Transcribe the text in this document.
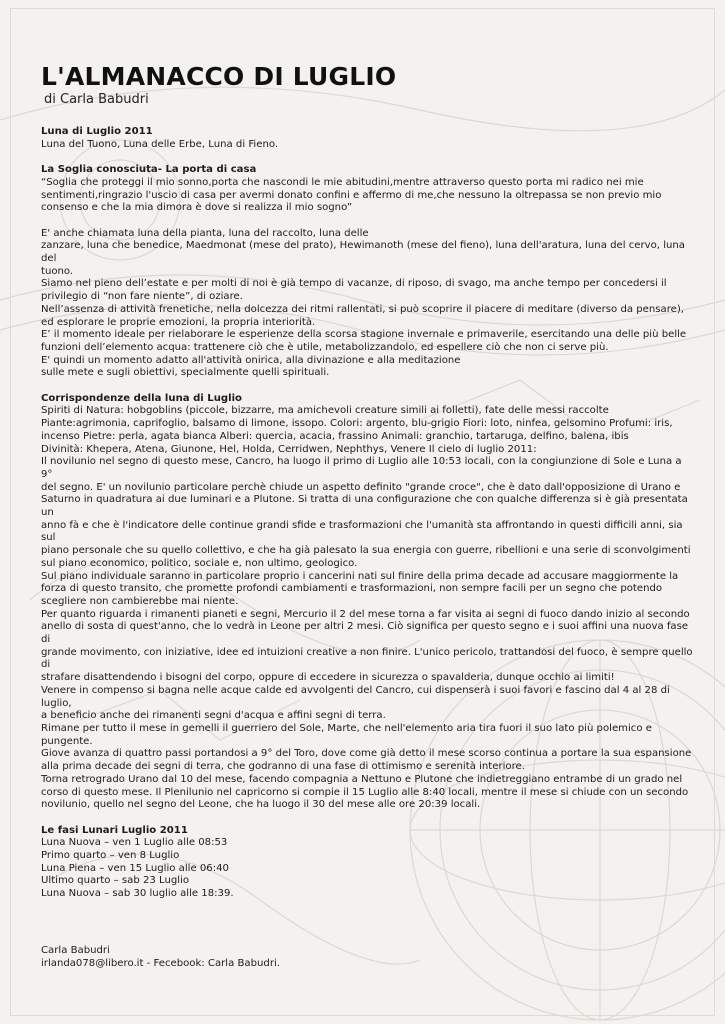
L'ALMANACCO DI LUGLIO
di Carla Babudri

Luna di Luglio 2011

Luna del Tuono, Luna delle Erbe, Luna di Fieno.

La Soglia conosciuta- La porta di casa

“Soglia che proteggi il mio sonno,porta che nascondi le mie abitudini,mentre attraverso questo porta mi radico nei mie

sentimenti,ringrazio l'uscio di casa per avermi donato confini e affermo di me,che nessuno la oltrepassa se non previo mio

consenso e che la mia dimora è dove si realizza il mio sogno”

E' anche chiamata luna della pianta, luna del raccolto, luna delle

zanzare, luna che benedice, Maedmonat (mese del prato), Hewimanoth (mese del fieno), luna dell'aratura, luna del cervo, luna del

tuono.

Siamo nel pieno dell’estate e per molti di noi è già tempo di vacanze, di riposo, di svago, ma anche tempo per concedersi il

privilegio di “non fare niente”, di oziare.

Nell’assenza di attività frenetiche, nella dolcezza dei ritmi rallentati, si può scoprire il piacere di meditare (diverso da pensare),

ed esplorare le proprie emozioni, la propria interiorità.

E’ il momento ideale per rielaborare le esperienze della scorsa stagione invernale e primaverile, esercitando una delle più belle

funzioni dell’elemento acqua: trattenere ciò che è utile, metabolizzandolo, ed espellere ciò che non ci serve più.

E' quindi un momento adatto all'attività onirica, alla divinazione e alla meditazione

sulle mete e sugli obiettivi, specialmente quelli spirituali.

Corrispondenze della luna di Luglio

Spiriti di Natura: hobgoblins (piccole, bizzarre, ma amichevoli creature simili ai folletti), fate delle messi raccolte

Piante:agrimonia, caprifoglio, balsamo di limone, issopo. Colori: argento, blu-grigio Fiori: loto, ninfea, gelsomino Profumi: iris,

incenso Pietre: perla, agata bianca Alberi: quercia, acacia, frassino Animali: granchio, tartaruga, delfino, balena, ibis

Divinità: Khepera, Atena, Giunone, Hel, Holda, Cerridwen, Nephthys, Venere Il cielo di luglio 2011:

Il novilunio nel segno di questo mese, Cancro, ha luogo il primo di Luglio alle 10:53 locali, con la congiunzione di Sole e Luna a 9°

del segno. E' un novilunio particolare perchè chiude un aspetto definito "grande croce", che è dato dall'opposizione di Urano e

Saturno in quadratura ai due luminari e a Plutone. Si tratta di una configurazione che con qualche differenza si è già presentata un

anno fà e che è l'indicatore delle continue grandi sfide e trasformazioni che l'umanità sta affrontando in questi difficili anni, sia sul

piano personale che su quello collettivo, e che ha già palesato la sua energia con guerre, ribellioni e una serie di sconvolgimenti

sul piano economico, politico, sociale e, non ultimo, geologico.

Sul piano individuale saranno in particolare proprio i cancerini nati sul finire della prima decade ad accusare maggiormente la

forza di questo transito, che promette profondi cambiamenti e trasformazioni, non sempre facili per un segno che potendo

scegliere non cambierebbe mai niente.

Per quanto riguarda i rimanenti pianeti e segni, Mercurio il 2 del mese torna a far visita ai segni di fuoco dando inizio al secondo

anello di sosta di quest'anno, che lo vedrà in Leone per altri 2 mesi. Ciò significa per questo segno e i suoi affini una nuova fase di

grande movimento, con iniziative, idee ed intuizioni creative a non finire. L'unico pericolo, trattandosi del fuoco, è sempre quello di

strafare disattendendo i bisogni del corpo, oppure di eccedere in sicurezza o spavalderia, dunque occhio ai limiti!

Venere in compenso si bagna nelle acque calde ed avvolgenti del Cancro, cui dispenserà i suoi favori e fascino dal 4 al 28 di luglio,

a beneficio anche dei rimanenti segni d'acqua e affini segni di terra.

Rimane per tutto il mese in gemelli il guerriero del Sole, Marte, che nell'elemento aria tira fuori il suo lato più polemico e

pungente.

Giove avanza di quattro passi portandosi a 9° del Toro, dove come già detto il mese scorso continua a portare la sua espansione

alla prima decade dei segni di terra, che godranno di una fase di ottimismo e serenità interiore.

Torna retrogrado Urano dal 10 del mese, facendo compagnia a Nettuno e Plutone che indietreggiano entrambe di un grado nel

corso di questo mese. Il Plenilunio nel capricorno si compie il 15 Luglio alle 8:40 locali, mentre il mese si chiude con un secondo

novilunio, quello nel segno del Leone, che ha luogo il 30 del mese alle ore 20:39 locali.

Le fasi Lunari Luglio 2011

Luna Nuova – ven 1 Luglio alle 08:53

Primo quarto – ven 8 Luglio

Luna Piena – ven 15 Luglio alle 06:40

Ultimo quarto – sab 23 Luglio

Luna Nuova – sab 30 luglio alle 18:39.

Carla Babudri

irlanda078@libero.it - Fecebook: Carla Babudri.
